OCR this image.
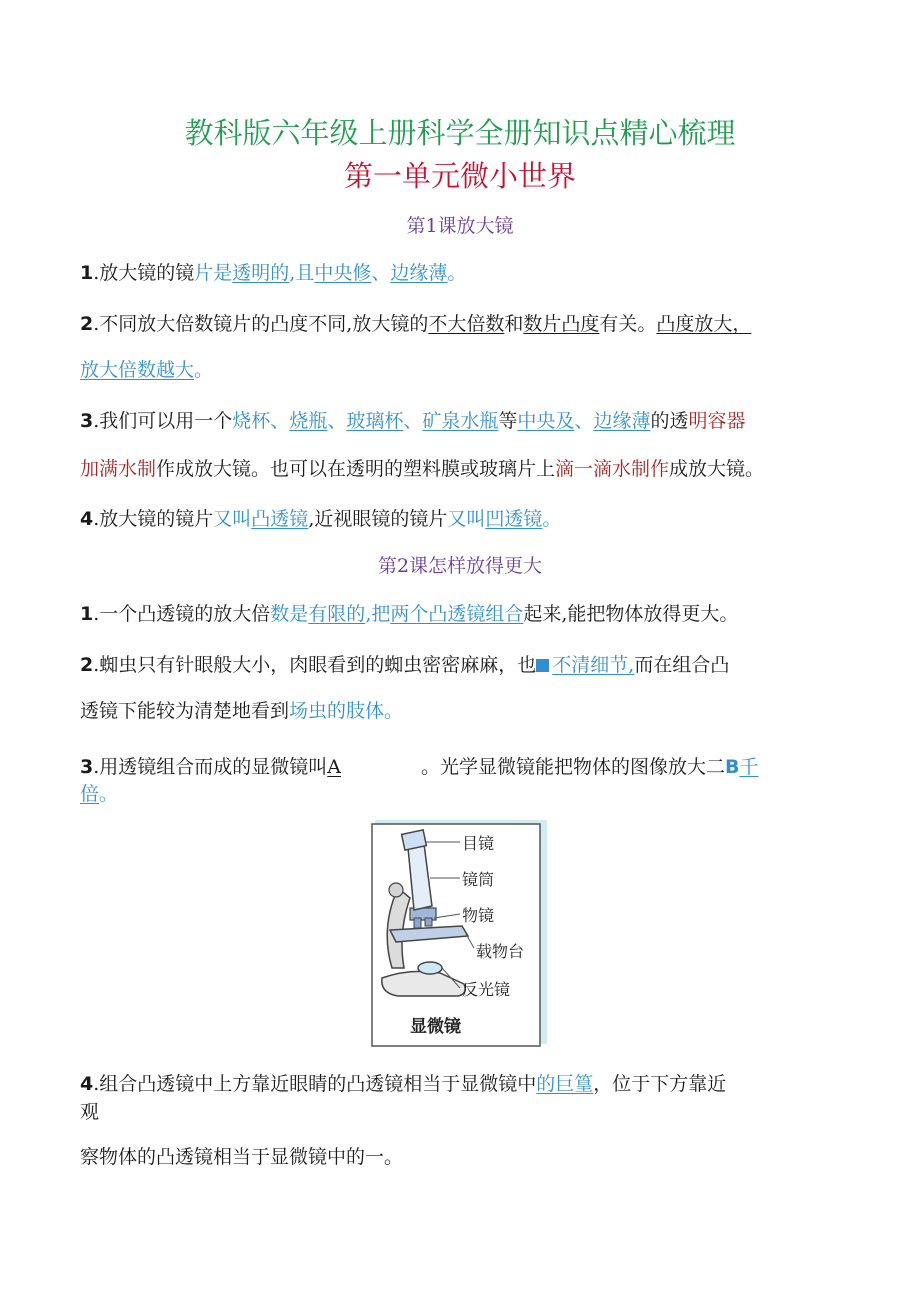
教科版六年级上册科学全册知识点精心梳理
第一单元微小世界
第1课放大镜
1.放大镜的镜片是透明的,且中央修、边缘薄。
2.不同放大倍数镜片的凸度不同,放大镜的不大倍数和数片凸度有关。凸度放大，
放大倍数越大。
3.我们可以用一个烧杯、烧瓶、玻璃杯、矿泉水瓶等中央及、边缘薄的透明容器
加满水制作成放大镜。也可以在透明的塑料膜或玻璃片上滴一滴水制作成放大镜。
4.放大镜的镜片又叫凸透镜,近视眼镜的镜片又叫凹透镜。
第2课怎样放得更大
1.一个凸透镜的放大倍数是有限的,把两个凸透镜组合起来,能把物体放得更大。
2.蜘虫只有针眼般大小，肉眼看到的蜘虫密密麻麻，也 不清细节,而在组合凸
透镜下能较为清楚地看到场虫的肢体。
3.用透镜组合而成的显微镜叫A	。光学显微镜能把物体的图像放大二B千
倍。
目镜
镜筒
物镜
载物台
反光镜
显微镜
4.组合凸透镜中上方靠近眼睛的凸透镜相当于显微镜中的巨篁，位于下方靠近
观
察物体的凸透镜相当于显微镜中的一。
